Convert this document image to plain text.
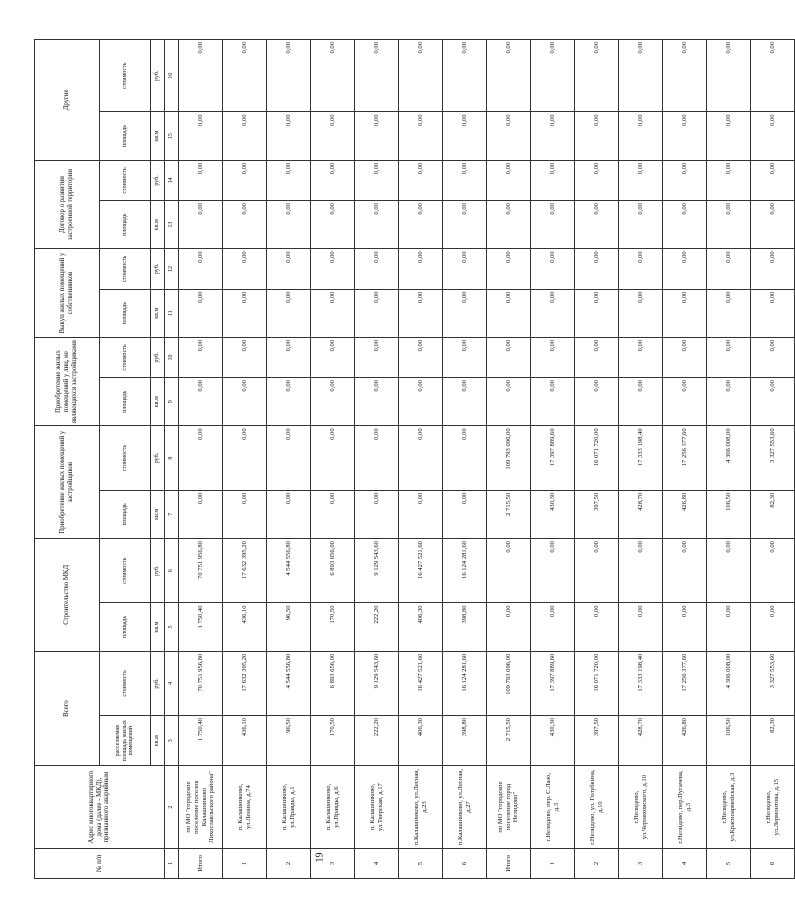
19
№ п/п	Адрес многоквартирного дома (далее - МКД), признанного аварийным	Всего		Строительство МКД		Приобретение жилых помещений у застройщиков		Приобретение жилых помещений у лиц, не являющихся застройщиками		Выкуп жилых помещений у собственников		Договор о развитии застроенной территории		Другие	
		расселяемая площадь жилых помещений	стоимость	площадь	стоимость	площадь	стоимость	площадь	стоимость	площадь	стоимость	площадь	стоимость	площадь	стоимость
		кв.м	руб.	кв.м	руб.	кв.м	руб.	кв.м	руб.	кв.м	руб.	кв.м	руб.	кв.м	руб.
1	2	3	4	5	6	7	8	9	10	11	12	13	14	15	16
Итого	по МО "городское поселение поселок Калашниково Лихославльского района"	1 750,40	70 751 956,80	1 750,40	70 751 956,80	0,00	0,00	0,00	0,00	0,00	0,00	0,00	0,00	0,00	0,00
1	п. Калашниково, ул.Ленина, д.74	436,10	17 632 395,20	436,10	17 632 395,20	0,00	0,00	0,00	0,00	0,00	0,00	0,00	0,00	0,00	0,00
2	п. Калашниково, ул.Правды, д.1	96,50	4 544 556,80	96,50	4 544 556,80	0,00	0,00	0,00	0,00	0,00	0,00	0,00	0,00	0,00	0,00
3	п. Калашниково, ул.Правды, д.6	170,50	6 893 656,00	170,50	6 893 656,00	0,00	0,00	0,00	0,00	0,00	0,00	0,00	0,00	0,00	0,00
4	п. Калашниково, ул.Тверская, д.17	222,20	9 129 543,60	222,20	9 129 543,60	0,00	0,00	0,00	0,00	0,00	0,00	0,00	0,00	0,00	0,00
5	п.Калашниково, ул.Лесная, д.23	406,30	16 427 521,60	406,30	16 427 521,60	0,00	0,00	0,00	0,00	0,00	0,00	0,00	0,00	0,00	0,00
6	п.Калашниково, ул.Лесная, д.27	398,80	16 124 281,60	398,80	16 124 281,60	0,00	0,00	0,00	0,00	0,00	0,00	0,00	0,00	0,00	0,00
Итого	по МО "городское поселение город Нелидово"	2 715,50	109 793 096,00	0,00	0,00	2 715,50	109 793 096,00	0,00	0,00	0,00	0,00	0,00	0,00	0,00	0,00
1	г.Нелидово, пер. С.Лазо, д.3	430,30	17 397 889,60	0,00	0,00	430,30	17 397 889,60	0,00	0,00	0,00	0,00	0,00	0,00	0,00	0,00
2	г.Нелидово, ул. Голубкина, д.10	397,50	16 071 720,00	0,00	0,00	397,50	16 071 720,00	0,00	0,00	0,00	0,00	0,00	0,00	0,00	0,00
3	г.Нелидово, ул.Черняховского, д.10	428,70	17 333 198,40	0,00	0,00	428,70	17 333 198,40	0,00	0,00	0,00	0,00	0,00	0,00	0,00	0,00
4	г.Нелидово, пер.Пугачева, д.3	426,80	17 256 377,60	0,00	0,00	426,80	17 256 377,60	0,00	0,00	0,00	0,00	0,00	0,00	0,00	0,00
5	г.Нелидово, ул.Красноармейская, д.3	106,50	4 306 008,00	0,00	0,00	106,50	4 306 008,00	0,00	0,00	0,00	0,00	0,00	0,00	0,00	0,00
6	г.Нелидово, ул.Лермонтова, д.15	82,30	3 327 553,60	0,00	0,00	82,30	3 327 553,60	0,00	0,00	0,00	0,00	0,00	0,00	0,00	0,00
